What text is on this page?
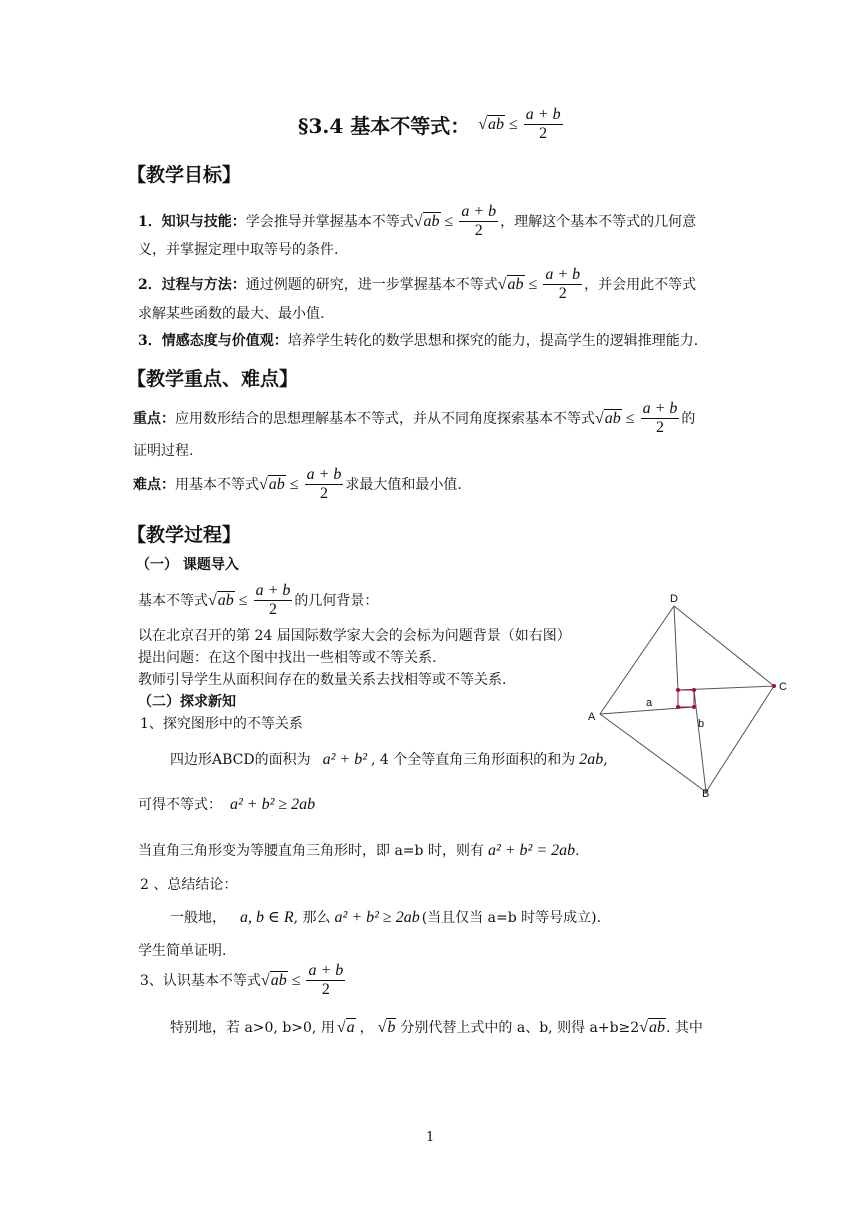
§3.4 基本不等式： $√ab \le \frac{a + b}{2}$
【教学目标】
1．知识与技能： 学会推导并掌握基本不等式 $√ab \le \frac{a + b}{2}$ ，理解这个基本不等式的几何意
义，并掌握定理中取等号的条件.
2．过程与方法： 通过例题的研究，进一步掌握基本不等式 $√ab \le \frac{a + b}{2}$ ，并会用此不等式
求解某些函数的最大、最小值.
3．情感态度与价值观：培养学生转化的数学思想和探究的能力，提高学生的逻辑推理能力.
【教学重点、难点】
重点： 应用数形结合的思想理解基本不等式，并从不同角度探索基本不等式 $√ab \le \frac{a + b}{2}$ 的
证明过程.
难点： 用基本不等式 $√ab \le \frac{a + b}{2}$ 求最大值和最小值.
【教学过程】
（一） 课题导入
基本不等式 $√ab \le \frac{a + b}{2}$ 的几何背景：
以在北京召开的第 24 届国际数学家大会的会标为问题背景（如右图）
提出问题：在这个图中找出一些相等或不等关系.
教师引导学生从面积间存在的数量关系去找相等或不等关系.
（二）探求新知
1、探究图形中的不等关系
四边形ABCD的面积为 a² + b² , 4 个全等直角三角形面积的和为 2ab ,
可得不等式： a² + b² ≥ 2ab
当直角三角形变为等腰直角三角形时，即 a=b 时，则有 a² + b² = 2ab .
2 、总结结论：
一般地， a, b ∈ R , 那么 a² + b² ≥ 2ab (当且仅当 a=b 时等号成立).
学生简单证明.
3、认识基本不等式 $√ab \le \frac{a + b}{2}$
特别地，若 a>0, b>0, 用 √a ， √b 分别代替上式中的 a、b, 则得 a+b≥2 √ab . 其中
D
C
A
B
a
b
1
